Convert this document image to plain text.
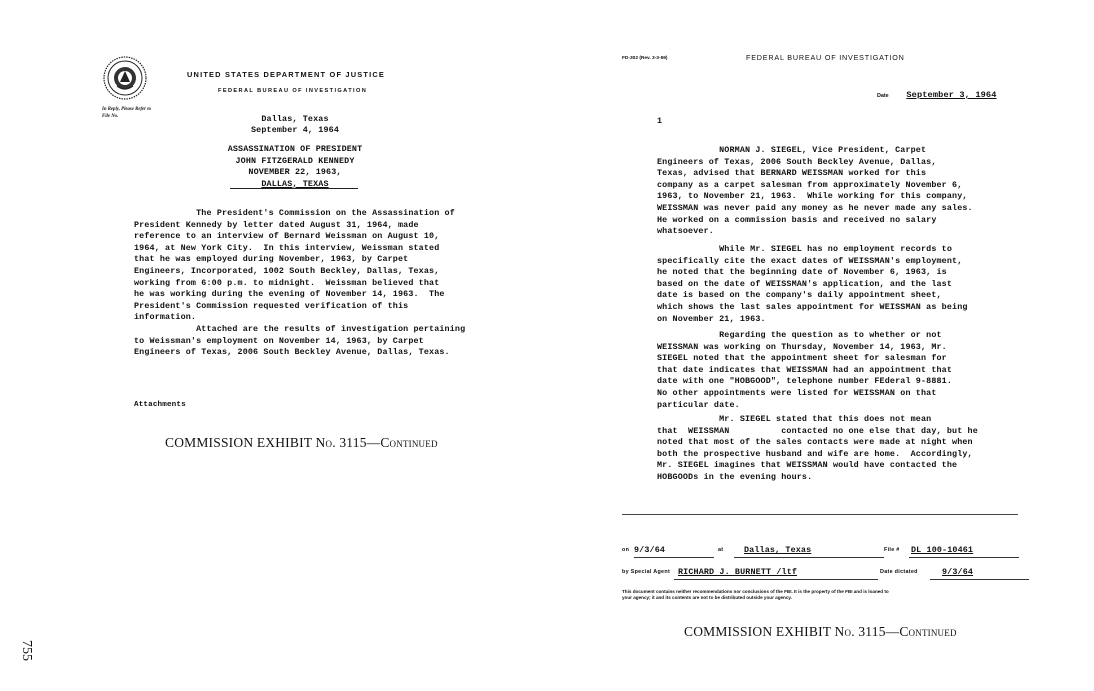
UNITED STATES DEPARTMENT OF JUSTICE
FEDERAL BUREAU OF INVESTIGATION
In Reply, Please Refer to
File No.	Dallas, Texas
September 4, 1964
ASSASSINATION OF PRESIDENT
JOHN FITZGERALD KENNEDY
NOVEMBER 22, 1963,
DALLAS, TEXAS
The President's Commission on the Assassination of
President Kennedy by letter dated August 31, 1964, made
reference to an interview of Bernard Weissman on August 10,
1964, at New York City.  In this interview, Weissman stated
that he was employed during November, 1963, by Carpet
Engineers, Incorporated, 1002 South Beckley, Dallas, Texas,
working from 6:00 p.m. to midnight.  Weissman believed that
he was working during the evening of November 14, 1963.  The
President's Commission requested verification of this
information.
Attached are the results of investigation pertaining
to Weissman's employment on November 14, 1963, by Carpet
Engineers of Texas, 2006 South Beckley Avenue, Dallas, Texas.
Attachments
COMMISSION EXHIBIT No. 3115—Continued
755
FD-302 (Rev. 3-3-59)	FEDERAL BUREAU OF INVESTIGATION
Date September 3, 1964
1
NORMAN J. SIEGEL, Vice President, Carpet
Engineers of Texas, 2006 South Beckley Avenue, Dallas,
Texas, advised that BERNARD WEISSMAN worked for this
company as a carpet salesman from approximately November 6,
1963, to November 21, 1963.  While working for this company,
WEISSMAN was never paid any money as he never made any sales.
He worked on a commission basis and received no salary
whatsoever.
While Mr. SIEGEL has no employment records to
specifically cite the exact dates of WEISSMAN's employment,
he noted that the beginning date of November 6, 1963, is
based on the date of WEISSMAN's application, and the last
date is based on the company's daily appointment sheet,
which shows the last sales appointment for WEISSMAN as being
on November 21, 1963.
Regarding the question as to whether or not
WEISSMAN was working on Thursday, November 14, 1963, Mr.
SIEGEL noted that the appointment sheet for salesman for
that date indicates that WEISSMAN had an appointment that
date with one "HOBGOOD", telephone number FEderal 9-8881.
No other appointments were listed for WEISSMAN on that
particular date.
Mr. SIEGEL stated that this does not mean
that  WEISSMAN          contacted no one else that day, but he
noted that most of the sales contacts were made at night when
both the prospective husband and wife are home.  Accordingly,
Mr. SIEGEL imagines that WEISSMAN would have contacted the
HOBGOODs in the evening hours.
on 9/3/64	at	Dallas, Texas	File # DL 100-10461
by Special Agent RICHARD J. BURNETT /ltf	Date dictated	9/3/64
This document contains neither recommendations nor conclusions of the FBI. It is the property of the FBI and is loaned to
your agency; it and its contents are not to be distributed outside your agency.
COMMISSION EXHIBIT No. 3115—Continued
